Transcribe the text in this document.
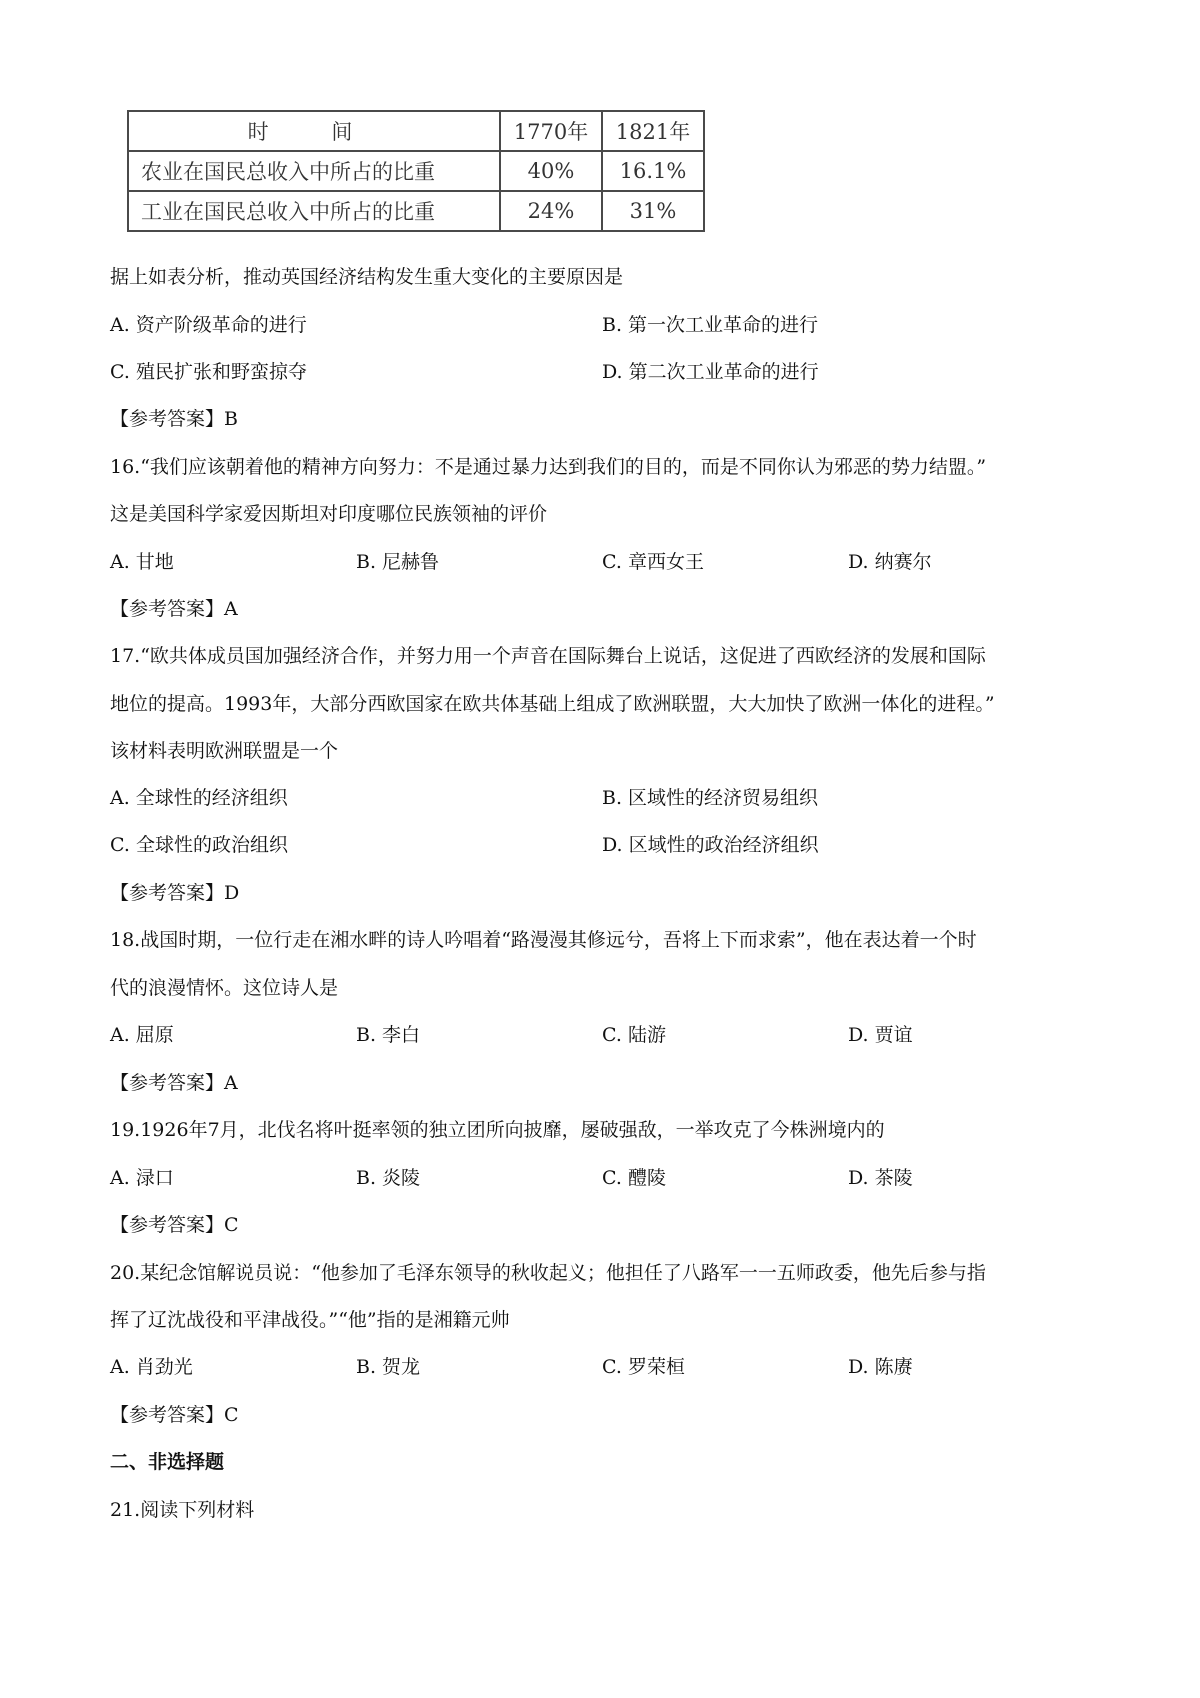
时 间	1770年	1821年
农业在国民总收入中所占的比重	40%	16.1%
工业在国民总收入中所占的比重	24%	31%
据上如表分析，推动英国经济结构发生重大变化的主要原因是
A. 资产阶级革命的进行	B. 第一次工业革命的进行
C. 殖民扩张和野蛮掠夺	D. 第二次工业革命的进行
【参考答案】B
16.“我们应该朝着他的精神方向努力：不是通过暴力达到我们的目的，而是不同你认为邪恶的势力结盟。”
这是美国科学家爱因斯坦对印度哪位民族领袖的评价
A. 甘地	B. 尼赫鲁	C. 章西女王	D. 纳赛尔
【参考答案】A
17.“欧共体成员国加强经济合作，并努力用一个声音在国际舞台上说话，这促进了西欧经济的发展和国际
地位的提高。1993年，大部分西欧国家在欧共体基础上组成了欧洲联盟，大大加快了欧洲一体化的进程。”
该材料表明欧洲联盟是一个
A. 全球性的经济组织	B. 区域性的经济贸易组织
C. 全球性的政治组织	D. 区域性的政治经济组织
【参考答案】D
18.战国时期，一位行走在湘水畔的诗人吟唱着“路漫漫其修远兮，吾将上下而求索”，他在表达着一个时
代的浪漫情怀。这位诗人是
A. 屈原	B. 李白	C. 陆游	D. 贾谊
【参考答案】A
19.1926年7月，北伐名将叶挺率领的独立团所向披靡，屡破强敌，一举攻克了今株洲境内的
A. 渌口	B. 炎陵	C. 醴陵	D. 茶陵
【参考答案】C
20.某纪念馆解说员说：“他参加了毛泽东领导的秋收起义；他担任了八路军一一五师政委，他先后参与指
挥了辽沈战役和平津战役。”“他”指的是湘籍元帅
A. 肖劲光	B. 贺龙	C. 罗荣桓	D. 陈赓
【参考答案】C
二、非选择题
21.阅读下列材料
